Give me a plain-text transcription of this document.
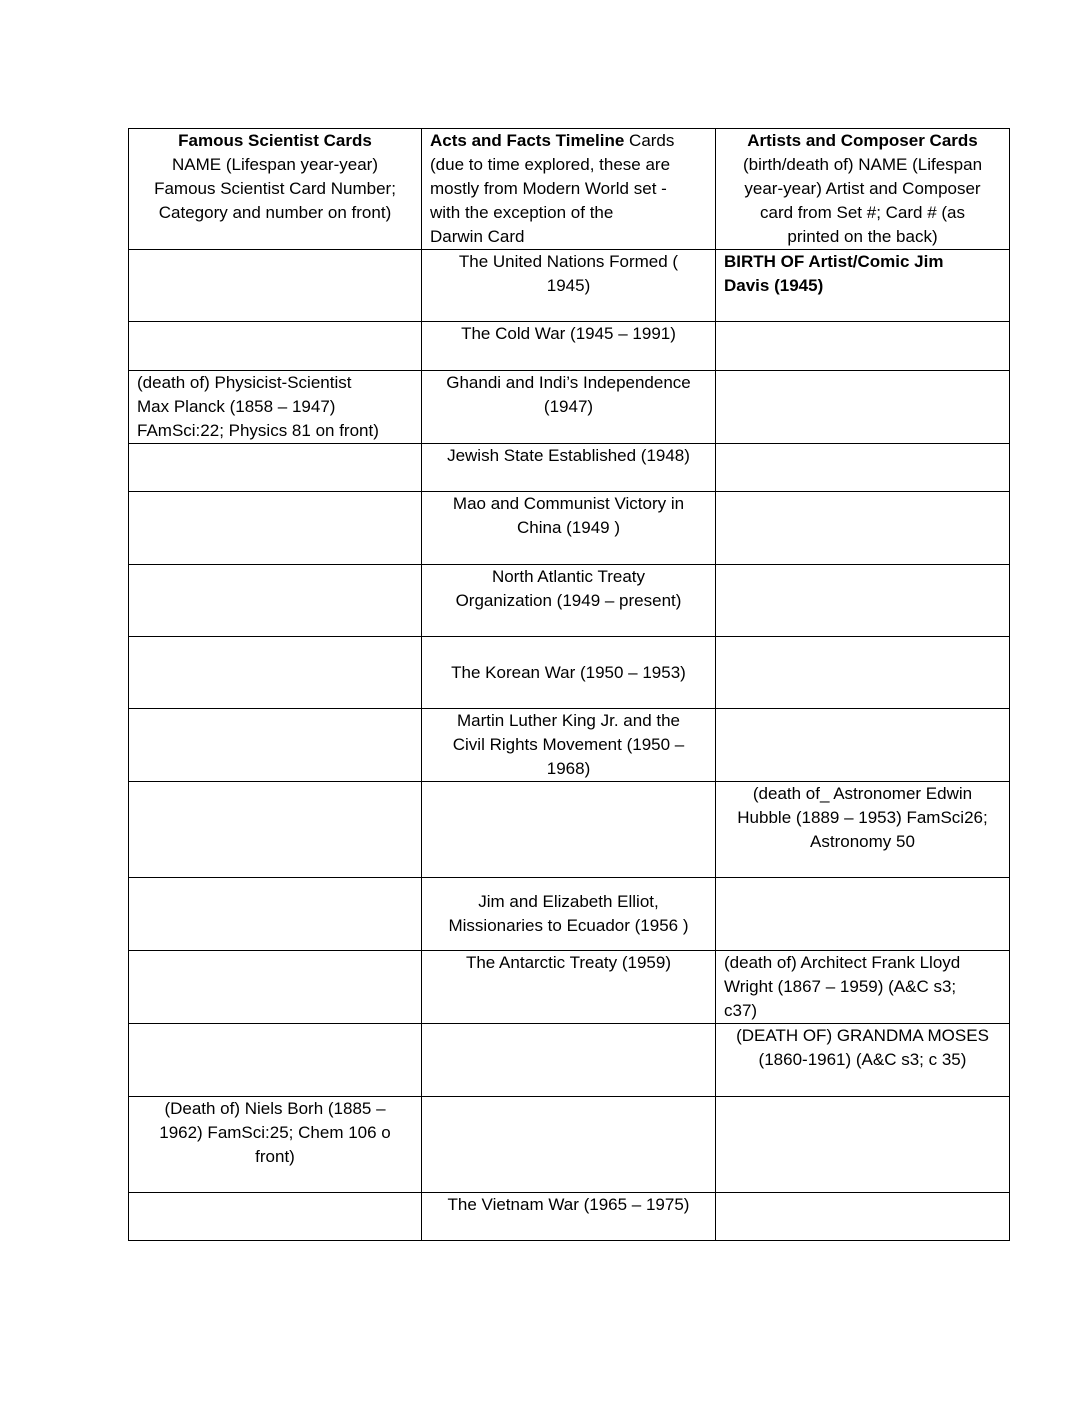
Famous Scientist Cards
NAME (Lifespan year-year)
Famous Scientist Card Number;
Category and number on front)	Acts and Facts Timeline Cards
(due to time explored, these are
mostly from Modern World set -
with the exception of the
Darwin Card	Artists and Composer Cards
(birth/death of) NAME (Lifespan
year-year) Artist and Composer
card from Set #; Card # (as
printed on the back)

	The United Nations Formed (
1945)	BIRTH OF Artist/Comic Jim
Davis (1945)

	The Cold War (1945 – 1991)	

(death of) Physicist-Scientist
Max Planck (1858 – 1947)
FAmSci:22; Physics 81 on front)	Ghandi and Indi’s Independence
(1947)	

	Jewish State Established (1948)	

	Mao and Communist Victory in
China (1949 )	

	North Atlantic Treaty
Organization (1949 – present)	

	The Korean War (1950 – 1953)	

	Martin Luther King Jr. and the
Civil Rights Movement (1950 –
1968)	

		(death of_ Astronomer Edwin
Hubble (1889 – 1953) FamSci26;
Astronomy 50

	Jim and Elizabeth Elliot,
Missionaries to Ecuador (1956 )	

	The Antarctic Treaty (1959)	(death of) Architect Frank Lloyd
Wright (1867 – 1959) (A&C s3;
c37)

		(DEATH OF) GRANDMA MOSES
(1860-1961) (A&C s3; c 35)

(Death of) Niels Borh (1885 –
1962) FamSci:25; Chem 106 o
front)		

	The Vietnam War (1965 – 1975)	
